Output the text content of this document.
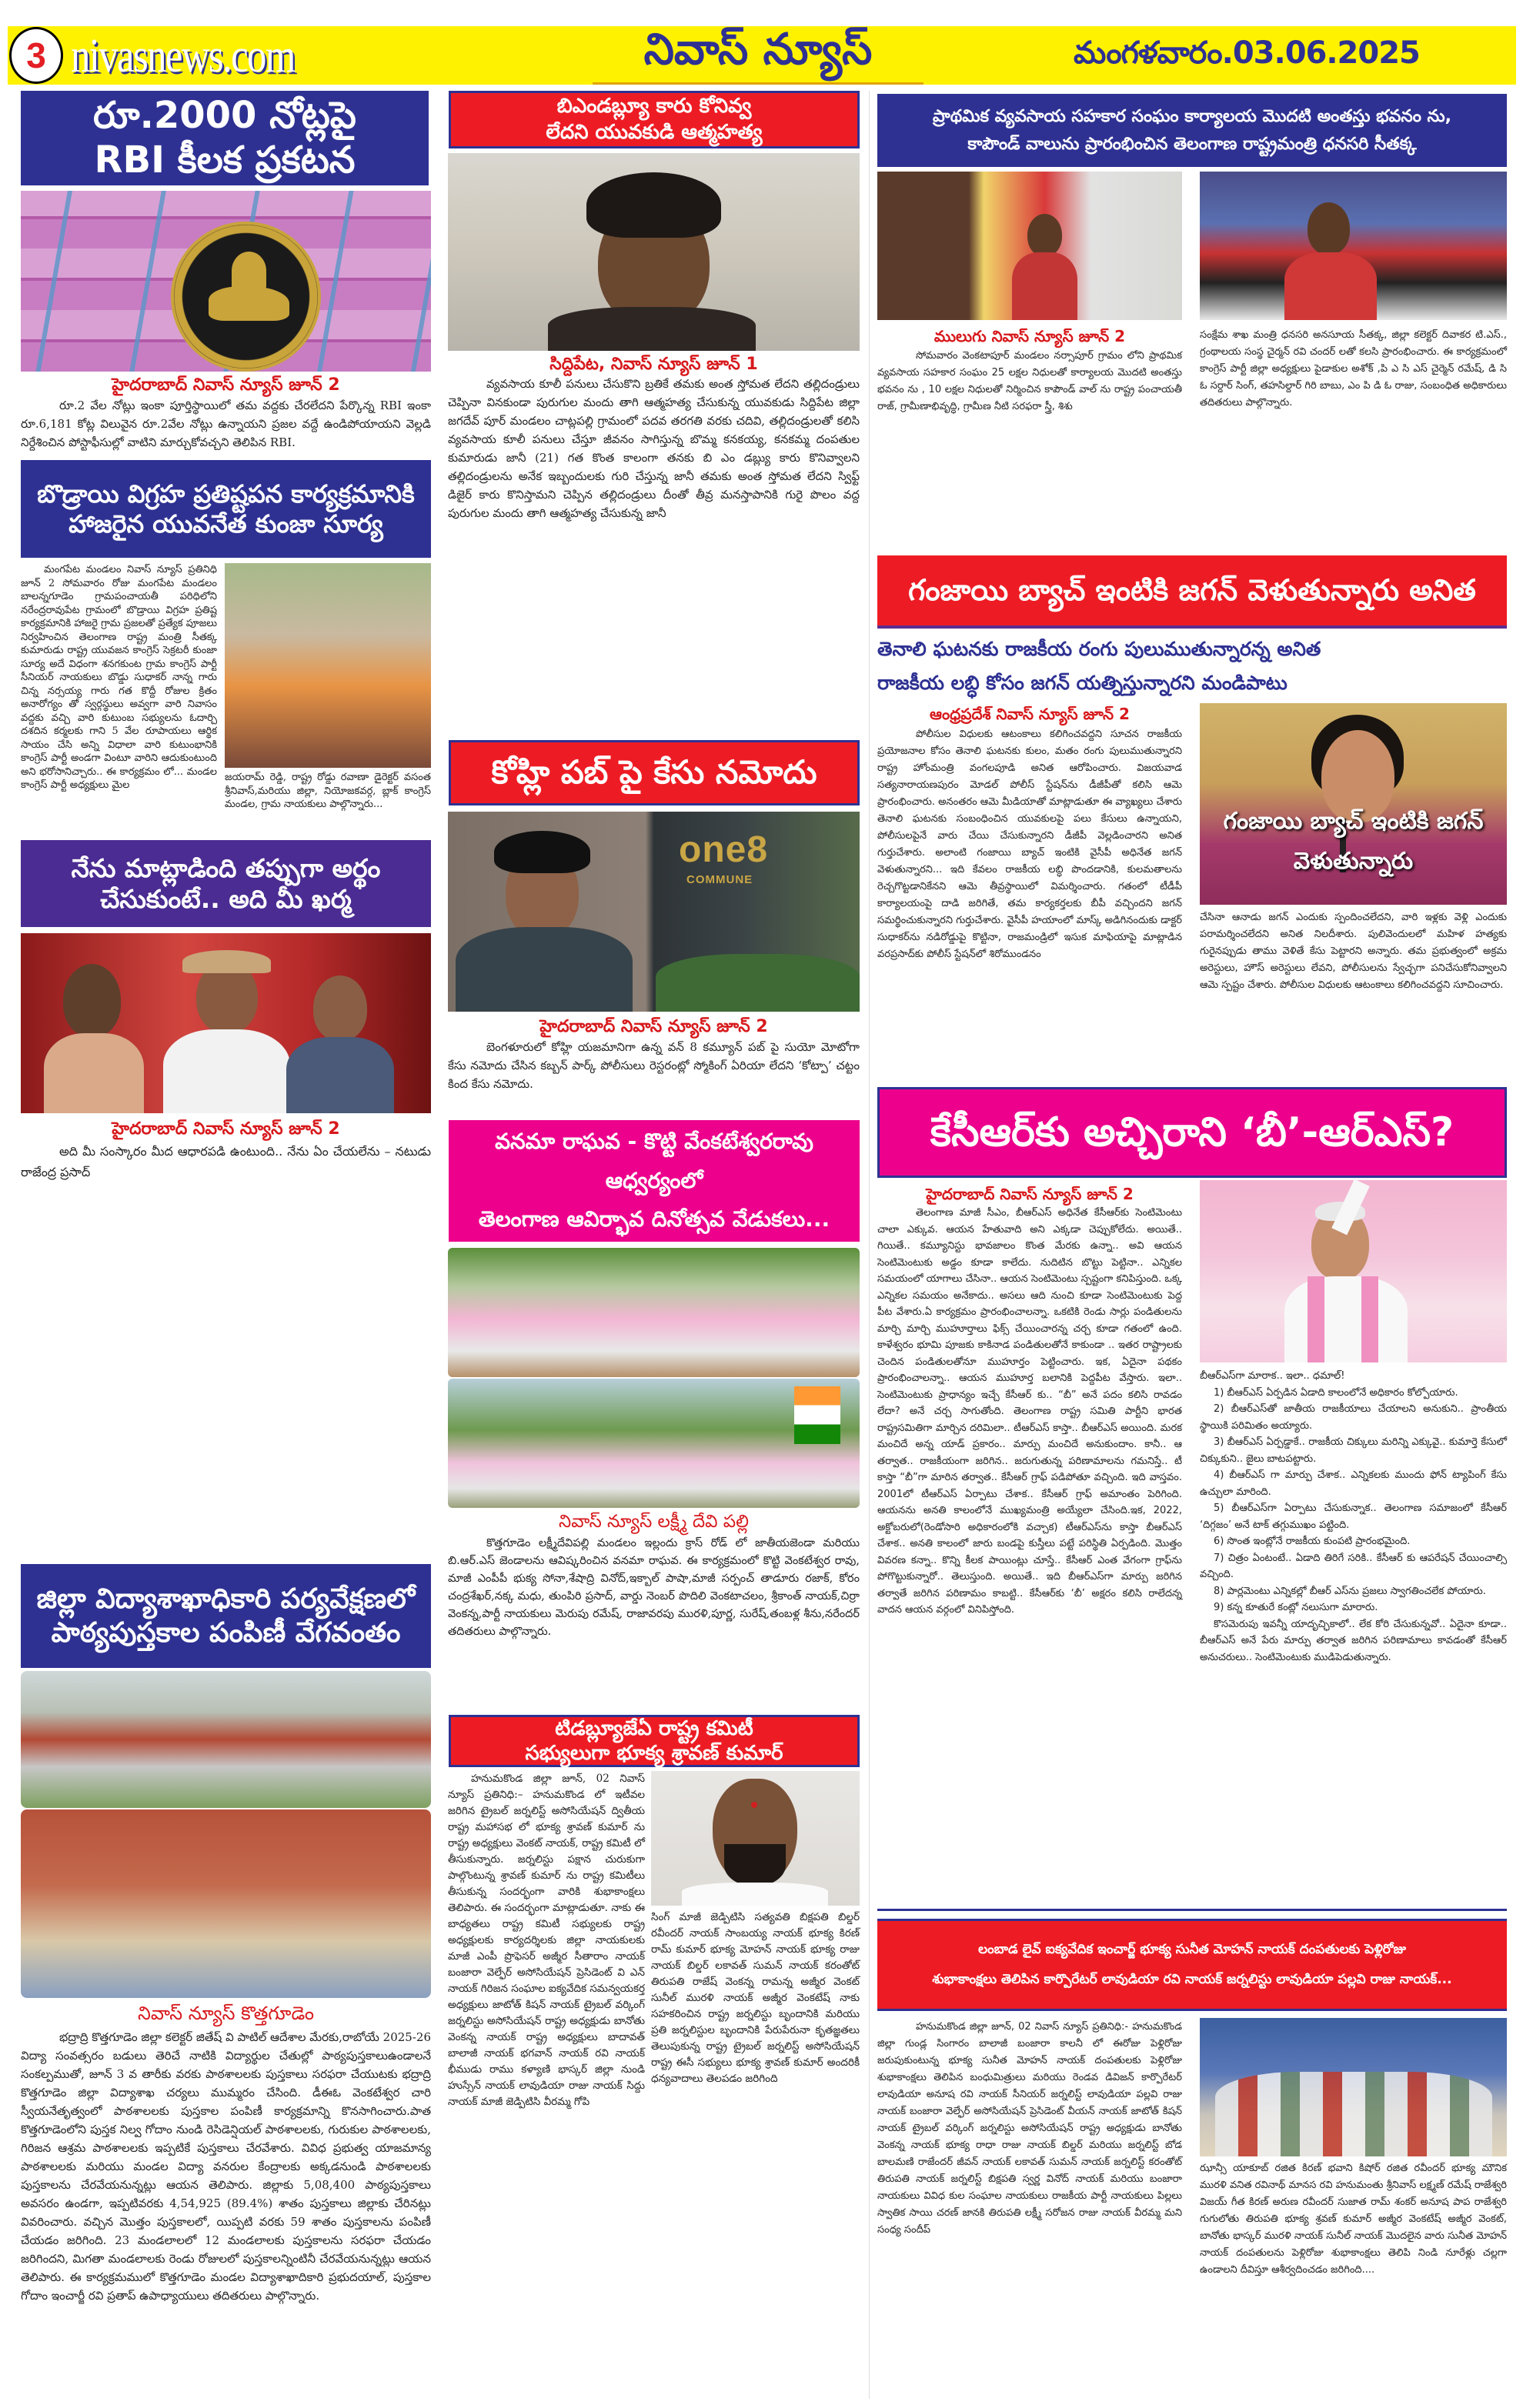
3 nivasnews.com	నివాస్ న్యూస్	మంగళవారం.03.06.2025
రూ.2000 నోట్లపై
RBI కీలక ప్రకటన
హైదరాబాద్ నివాస్ న్యూస్ జూన్ 2
రూ.2 వేల నోట్లు ఇంకా పూర్తిస్థాయిలో తమ వద్దకు చేరలేదని పేర్కొన్న RBI ఇంకా రూ.6,181 కోట్ల విలువైన రూ.2వేల నోట్లు ఉన్నాయని ప్రజల వద్దే ఉండిపోయాయని వెల్లడి నిర్దేశించిన పోస్టాఫీసుల్లో వాటిని మార్చుకోవచ్చని తెలిపిన RBI.
బొడ్రాయి విగ్రహ ప్రతిష్టపన కార్యక్రమానికి
హాజరైన యువనేత కుంజా సూర్య
మంగపేట మండలం నివాస్ న్యూస్ ప్రతినిధి జూన్ 2 సోమవారం రోజు మంగపేట మండలం బాలన్నగూడెం గ్రామపంచాయతీ పరిధిలోని నరేంద్రరావుపేట గ్రామంలో బొడ్రాయి విగ్రహ ప్రతిష్ట కార్యక్రమానికి హాజరై గ్రామ ప్రజలతో ప్రత్యేక పూజలు నిర్వహించిన తెలంగాణ రాష్ట్ర మంత్రి సీతక్క కుమారుడు రాష్ట్ర యువజన కాంగ్రెస్ సెక్రటరీ కుంజా సూర్య అదే విధంగా శనగకుంట గ్రామ కాంగ్రెస్ పార్టీ సీనియర్ నాయకులు బొడ్డు సుధాకర్ నాన్న గారు చిన్న నర్సయ్య గారు గత కొద్దీ రోజుల క్రితం అనారోగ్యం తో స్వర్గస్థులు అవ్వగా వారి నివాసం వద్దకు వచ్చి వారి కుటుంబ సభ్యులను ఓదార్చి దశదిన కర్మలకు గాని 5 వేల రూపాయలు ఆర్థిక సాయం చేసి అన్ని విధాలా వారి కుటుంభానికి కాంగ్రెస్ పార్టీ అండగా వింటూ వారిని ఆదుకుంటుంది అని భరోసానిచ్చారు.. ఈ కార్యక్రమం లో... మండల కాంగ్రెస్ పార్టీ అధ్యక్షులు మైల
జయరామ్ రెడ్డి, రాష్ట్ర రోడ్డు రవాణా డైరెక్టర్ వసంత శ్రీనివాస్,మరియు జిల్లా, నియోజకవర్గ, బ్లాక్ కాంగ్రెస్ మండల, గ్రామ నాయకులు పాల్గొన్నారు...
నేను మాట్లాడింది తప్పుగా అర్థం
చేసుకుంటే.. అది మీ ఖర్మ
హైదరాబాద్ నివాస్ న్యూస్ జూన్ 2
అది మీ సంస్కారం మీద ఆధారపడి ఉంటుంది.. నేను ఏం చేయలేను – నటుడు రాజేంద్ర ప్రసాద్
జిల్లా విద్యాశాఖాధికారి పర్యవేక్షణలో
పాఠ్యపుస్తకాల పంపిణీ వేగవంతం
నివాస్ న్యూస్ కొత్తగూడెం
భద్రాద్రి కొత్తగూడెం జిల్లా కలెక్టర్ జితేష్ వి పాటిల్ ఆదేశాల మేరకు,రాబోయే 2025-26 విద్యా సంవత్సరం బడులు తెరిచే నాటికి విద్యార్థుల చేతుల్లో పాఠ్యపుస్తకాలుఉండాలనే సంకల్పముతో, జూన్ 3 వ తారీకు వరకు పాఠశాలలకు పుస్తకాలు సరఫరా చేయుటకు భద్రాద్రి కొత్తగూడెం జిల్లా విద్యాశాఖ చర్యలు ముమ్మరం చేసింది. డీఈఓ వెంకటేశ్వర చారి స్వీయనేతృత్వంలో పాఠశాలలకు పుస్తకాల పంపిణీ కార్యక్రమాన్ని కొనసాగించారు.పాత కొత్తగూడెంలోని పుస్తక నిల్వ గోదాం నుండి రెసిడెన్షియల్ పాఠశాలలకు, గురుకుల పాఠశాలలకు, గిరిజన ఆశ్రమ పాఠశాలలకు ఇప్పటికే పుస్తకాలు చేరవేశారు. వివిధ ప్రభుత్వ యాజమాన్య పాఠశాలలకు మరియు మండల విద్యా వనరుల కేంద్రాలకు అక్కడనుండి పాఠశాలలకు పుస్తకాలను చేరవేయనున్నట్లు ఆయన తెలిపారు. జిల్లాకు 5,08,400 పాఠ్యపుస్తకాలు అవసరం ఉండగా, ఇప్పటివరకు 4,54,925 (89.4%) శాతం పుస్తకాలు జిల్లాకు చేరినట్లు వివరించారు. వచ్చిన మొత్తం పుస్తకాలలో, యిప్పటి వరకు 59 శాతం పుస్తకాలను పంపిణీ చేయడం జరిగింది. 23 మండలాలలో 12 మండలాలకు పుస్తకాలను సరఫరా చేయడం జరిగిందని, మిగతా మండలాలకు రెండు రోజులలో పుస్తకాలన్నింటినీ చేరవేయనున్నట్లు ఆయన తెలిపారు. ఈ కార్యక్రమములో కొత్తగూడెం మండల విద్యాశాఖాదికారి ప్రభుదయాల్, పుస్తకాల గోదాం ఇంచార్జీ రవి ప్రతాప్ ఉపాధ్యాయులు తదితరులు పాల్గొన్నారు.
బిఎండబ్ల్యూ కారు కోనివ్వ
లేదని యువకుడి ఆత్మహత్య
సిద్దిపేట, నివాస్ న్యూస్ జూన్ 1
వ్యవసాయ కూలీ పనులు చేసుకొని బ్రతికే తమకు అంత స్తోమత లేదని తల్లిదండ్రులు చెప్పినా వినకుండా పురుగుల మందు తాగి ఆత్మహత్య చేసుకున్న యువకుడు సిద్దిపేట జిల్లా జగదేవ్ పూర్ మండలం చాట్లపల్లి గ్రామంలో పదవ తరగతి వరకు చదివి, తల్లిదండ్రులతో కలిసి వ్యవసాయ కూలీ పనులు చేస్తూ జీవనం సాగిస్తున్న బొమ్మ కనకయ్య, కనకమ్మ దంపతుల కుమారుడు జానీ (21) గత కొంత కాలంగా తనకు బి ఎం డబ్ల్యు కారు కొనివ్వాలని తల్లిదండ్రులను అనేక ఇబ్బందులకు గురి చేస్తున్న జానీ తమకు అంత స్తోమత లేదని స్విఫ్ట్ డిజైర్ కారు కొనిస్తామని చెప్పిన తల్లిదండ్రులు దీంతో తీవ్ర మనస్తాపానికి గురై పొలం వద్ద పురుగుల మందు తాగి ఆత్మహత్య చేసుకున్న జానీ
కోహ్లి పబ్ పై కేసు నమోదు
one8
COMMUNE
హైదరాబాద్ నివాస్ న్యూస్ జూన్ 2
బెంగళూరులో కోహ్లి యజమానిగా ఉన్న వన్ 8 కమ్యూన్ పబ్ పై సుయో మోటోగా కేసు నమోదు చేసిన కబ్బన్ పార్క్ పోలీసులు రెస్టరంట్లో స్మోకింగ్ ఏరియా లేదని ‘కోట్పా’ చట్టం కింద కేసు నమోదు.
వనమా రాఘవ - కొట్టి వేంకటేశ్వరరావు ఆధ్వర్యంలో
తెలంగాణ ఆవిర్భావ దినోత్సవ వేడుకలు...
నివాస్ న్యూస్ లక్ష్మీ దేవి పల్లి
కొత్తగూడెం లక్ష్మీదేవిపల్లి మండలం ఇల్లందు క్రాస్ రోడ్ లో జాతీయజెండా మరియు బి.ఆర్.ఎస్ జెండాలను ఆవిష్కరించిన వనమా రాఘవ. ఈ కార్యక్రమంలో కొట్టి వెంకటేశ్వర రావు, మాజీ ఎంపీపీ భుక్య సోనా,శేషాద్రి వినోద్,ఇక్బాల్ పాషా,మాజీ సర్పంచ్ తాడూరు రజాక్, కోరం చంద్రశేఖర్,నక్క మధు, తుంపిరి ప్రసాద్, వార్డు నెంబర్ పొదిలి వెంకటాచలం, శ్రీకాంత్ నాయక్,చిర్రా వెంకన్న,పార్టీ నాయకులు మెరుపు రమేష్, రాజావరపు మురళి,పూర్ణ, సురేష్,తంబళ్ల శీను,నరేందర్ తదితరులు పాల్గొన్నారు.
టిడబ్ల్యూజేఏ రాష్ట్ర కమిటీ
సభ్యులుగా భూక్య శ్రావణ్ కుమార్
హనుమకొండ జిల్లా జూన్, 02 నివాస్ న్యూస్ ప్రతినిధి:– హనుమకొండ లో ఇటీవల జరిగిన ట్రైబల్ జర్నలిస్ట్ అసోసియేషన్ ద్వితీయ రాష్ట్ర మహాసభ లో భూక్య శ్రావణ్ కుమార్ ను రాష్ట్ర అధ్యక్షులు వెంకట్ నాయక్, రాష్ట్ర కమిటీ లో తీసుకున్నారు. జర్నలిస్టు పక్షాన చురుకుగా పాల్గొంటున్న శ్రావణ్ కుమార్ ను రాష్ట్ర కమిటీలు తీసుకున్న సందర్భంగా వారికి శుభాకాంక్షలు తెలిపారు. ఈ సందర్భంగా మాట్లాడుతూ. నాకు ఈ బాధ్యతలు రాష్ట్ర కమిటీ సభ్యులకు రాష్ట్ర అధ్యక్షులకు కార్యదర్శిలకు జిల్లా నాయకులకు మాజీ ఎంపీ ప్రొఫెసర్ అజ్మీర సీతారాం నాయక్ బంజారా వెల్ఫేర్ అసోసియేషన్ ప్రెసిడెంట్ వి ఎన్ నాయక్ గిరిజన సంఘాల ఐక్యవేదిక సమన్వయకర్త అధ్యక్షులు జాటోత్ కిషన్ నాయక్ ట్రైబల్ వర్కింగ్ జర్నలిస్టు అసోసియేషన్ రాష్ట్ర అధ్యక్షుడు బానోతు వెంకన్న నాయక్ రాష్ట్ర అధ్యక్షులు బాదావత్ బాలాజీ నాయక్ భగవాన్ నాయక్ రవి నాయక్ భీముడు రాము కళ్యాణి భాస్కర్ జిల్లా నుండి హుస్సేన్ నాయక్ లావుడియా రాజు నాయక్ సిద్దు నాయక్ మాజీ జెడ్పిటిసి వీరమ్మ గోపి
సింగ్ మాజీ జెడ్పిటిసి సత్యవతి బిక్షపతి బిల్డర్ రవీందర్ నాయక్ సాంబయ్య నాయక్ భూక్య కిరణ్ రామ్ కుమార్ భూక్య మోహన్ నాయక్ భూక్య రాజు నాయక్ బిల్డర్ లకావత్ సుమన్ నాయక్ కరంతోట్ తిరుపతి రాజేష్ వెంకన్న రామన్న అజ్మీర వెంకట్ సునీల్ మురళి నాయక్ అజ్మీర వెంకటేష్ నాకు సహకరించిన రాష్ట్ర జర్నలిస్టు బృందానికి మరియు ప్రతి జర్నలిస్టుల బృందానికి పేరుపేరునా కృతజ్ఞతలు తెలుపుకున్న రాష్ట్ర ట్రైబల్ జర్నలిస్ట్ అసోసియేషన్ రాష్ట్ర ఈసీ సభ్యులు భూక్య శ్రావణ్ కుమార్ అందరికీ ధన్యవాదాలు తెలపడం జరిగింది
ప్రాథమిక వ్యవసాయ సహకార సంఘం కార్యాలయ మొదటి అంతస్తు భవనం ను,
కాపౌండ్ వాలును ప్రారంభించిన తెలంగాణ రాష్ట్రమంత్రి ధనసరి సీతక్క
ములుగు నివాస్ న్యూస్ జూన్ 2
సోమవారం వెంకటాపూర్ మండలం నర్సాపూర్ గ్రామం లోని ప్రాథమిక వ్యవసాయ సహకార సంఘం 25 లక్షల నిధులతో కార్యాలయ మొదటి అంతస్తు భవనం ను , 10 లక్షల నిధులతో నిర్మించిన కాపౌండ్ వాల్ ను రాష్ట్ర పంచాయతీ రాజ్, గ్రామీణాభివృద్ధి, గ్రామీణ నీటి సరఫరా స్త్రీ, శిశు
సంక్షేమ శాఖ మంత్రి ధనసరి అనసూయ సీతక్క, జిల్లా కలెక్టర్ దివాకర టి.ఎస్., గ్రంథాలయ సంస్థ చైర్మన్ రవి చందర్ లతో కలసి ప్రారంభించారు. ఈ కార్యక్రమంలో కాంగ్రెస్ పార్టీ జిల్లా అధ్యక్షులు పైడాకుల అశోక్ ,పి ఎ సి ఎస్ చైర్మెన్ రమేష్, డి సి ఓ సర్దార్ సింగ్, తహసిల్దార్ గిరి బాబు, ఎం పి డి ఓ రాజు, సంబంధిత అధికారులు తదితరులు పాల్గొన్నారు.
గంజాయి బ్యాచ్ ఇంటికి జగన్ వెళుతున్నారు అనిత
తెనాలి ఘటనకు రాజకీయ రంగు పులుముతున్నారన్న అనిత
రాజకీయ లబ్ధి కోసం జగన్ యత్నిస్తున్నారని మండిపాటు
ఆంధ్రప్రదేశ్ నివాస్ న్యూస్ జూన్ 2
పోలీసుల విధులకు ఆటంకాలు కలిగించవద్దని సూచన రాజకీయ ప్రయోజనాల కోసం తెనాలి ఘటనకు కులం, మతం రంగు పులుముతున్నారని రాష్ట్ర హోంమంత్రి వంగలపూడి అనిత ఆరోపించారు. విజయవాడ సత్యనారాయణపురం మోడల్ పోలీస్ స్టేషన్‌ను డీజీపీతో కలిసి ఆమె ప్రారంభించారు. అనంతరం ఆమె మీడియాతో మాట్లాడుతూ ఈ వ్యాఖ్యలు చేశారు తెనాలి ఘటనకు సంబంధించిన యువకులపై పలు కేసులు ఉన్నాయని, పోలీసులపైనే వారు చేయి చేసుకున్నారని డీజీపీ వెల్లడించారని అనిత గుర్తుచేశారు. అలాంటి గంజాయి బ్యాచ్ ఇంటికి వైసీపీ అధినేత జగన్ వెళుతున్నారని... ఇది కేవలం రాజకీయ లబ్ధి పొందడానికి, కులమతాలను రెచ్చగొట్టడానికేనని ఆమె తీవ్రస్థాయిలో విమర్శించారు. గతంలో టీడీపీ కార్యాలయంపై దాడి జరిగితే, తమ కార్యకర్తలకు బీపీ వచ్చిందని జగన్ సమర్థించుకున్నారని గుర్తుచేశారు. వైసీపీ హయాంలో మాస్క్ అడిగినందుకు డాక్టర్ సుధాకర్‌ను నడిరోడ్డుపై కొట్టినా, రాజమండ్రిలో ఇసుక మాఫియాపై మాట్లాడిన వరప్రసాద్‌కు పోలీస్ స్టేషన్‌లో శిరోముండనం
గంజాయి బ్యాచ్ ఇంటికి జగన్
వెళుతున్నారు
చేసినా ఆనాడు జగన్ ఎందుకు స్పందించలేదని, వారి ఇళ్లకు వెళ్లి ఎందుకు పరామర్శించలేదని అనిత నిలదీశారు. పులివెందులలో మహిళ హత్యకు గురైనప్పుడు తాము వెళితే కేసు పెట్టారని అన్నారు. తమ ప్రభుత్వంలో అక్రమ అరెస్టులు, హౌస్ అరెస్టులు లేవని, పోలీసులను స్వేచ్ఛగా పనిచేసుకోనివ్వాలని ఆమె స్పష్టం చేశారు. పోలీసుల విధులకు ఆటంకాలు కలిగించవద్దని సూచించారు.
కేసీఆర్‌కు అచ్చిరాని ‘బీ’-ఆర్ఎస్?
హైదరాబాద్ నివాస్ న్యూస్ జూన్ 2
తెలంగాణ మాజీ సీఎం, బీఆర్ఎస్ అధినేత కేసీఆర్‌కు సెంటిమెంటు చాలా ఎక్కువ. ఆయన హేతువాది అని ఎక్కడా చెప్పుకోలేదు. అయితే.. గియితే.. కమ్యూనిస్టు భావజాలం కొంత మేరకు ఉన్నా.. అవి ఆయన సెంటిమెంటుకు అడ్డం కూడా కాలేదు. నుదిటిన బొట్టు పెట్టినా.. ఎన్నికల సమయంలో యాగాలు చేసినా.. ఆయన సెంటిమెంటు స్పష్టంగా కనిపిస్తుంది. ఒక్క ఎన్నికల సమయం అనేకాదు.. అసలు ఆది నుంచి కూడా సెంటిమెంటుకు పెద్ద పీట వేశారు.ఏ కార్యక్రమం ప్రారంభించాలన్నా. ఒకటికి రెండు సార్లు పండితులను మార్చి మార్చి ముహూర్తాలు ఫిక్స్ చేయించారన్న చర్చ కూడా గతంలో ఉంది. కాళేశ్వరం భూమి పూజకు కాకినాడ పండితులతోనే కాకుండా .. ఇతర రాష్ట్రాలకు చెందిన పండితులతోనూ ముహూర్తం పెట్టించారు. ఇక, ఏదైనా పథకం ప్రారంభించాలన్నా.. ఆయన ముహూర్త బలానికి పెద్దపీట వేస్తారు. ఇలా.. సెంటిమెంటుకు ప్రాధాన్యం ఇచ్చే కేసీఆర్ కు.. “బీ” అనే పదం కలిసి రావడం లేదా? అనే చర్చ సాగుతోంది. తెలంగాణ రాష్ట్ర సమితి పార్టీని భారత రాష్ట్రసమితిగా మార్చిన దరిమిలా.. టీఆర్ఎస్ కాస్తా.. బీఆర్ఎస్ అయింది. మరక మంచిదే అన్న యాడ్ ప్రకారం.. మార్పు మంచిదే అనుకుందాం. కానీ.. ఆ తర్వాత.. రాజకీయంగా జరిగిన.. జరుగుతున్న పరిణామాలను గమనిస్తే.. టీ కాస్తా “బీ”గా మారిన తర్వాత.. కేసీఆర్ గ్రాఫ్ పడిపోతూ వచ్చింది. ఇది వాస్తవం. 2001లో టీఆర్ఎస్ ఏర్పాటు చేశాక.. కేసీఆర్ గ్రాఫ్ అమాంతం పెరిగింది. ఆయనను అనతి కాలంలోనే ముఖ్యమంత్రి అయ్యేలా చేసింది.ఇక, 2022, అక్టోబరులో(రెండోసారి అధికారంలోకి వచ్చాక) టీఆర్ఎస్‌ను కాస్తా బీఆర్ఎస్ చేశాక.. అనతి కాలంలో జారు బండపై కుస్తీలు పట్టే పరిస్థితి ఏర్పడింది. మొత్తం వివరణ కన్నా.. కొన్ని కీలక పాయింట్లు చూస్తే.. కేసీఆర్ ఎంత వేగంగా గ్రాఫ్‌ను పోగొట్టుకున్నారో.. తెలుస్తుంది. అయితే.. ఇది బీఆర్ఎస్‌గా మార్పు జరిగిన తర్వాతే జరిగిన పరిణామం కాబట్టి.. కేసీఆర్‌కు ‘బీ’ అక్షరం కలిసి రాలేదన్న వాదన ఆయన వర్గంలో వినిపిస్తోంది.
బీఆర్ఎస్‌గా మారాక.. ఇలా.. ధమాల్!
1) బీఆర్ఎస్ ఏర్పడిన ఏడాది కాలంలోనే అధికారం కోల్పోయారు.
2) బీఆర్ఎస్‌తో జాతీయ రాజకీయాలు చేయాలని అనుకుని.. ప్రాంతీయ స్థాయికి పరిమితం అయ్యారు.
3) బీఆర్ఎస్ ఏర్పడ్డాకే.. రాజకీయ చిక్కులు మరిన్ని ఎక్కువై.. కుమార్తె కేసులో చిక్కుకుని.. జైలు బాటపట్టారు.
4) బీఆర్ఎస్ గా మార్పు చేశాక.. ఎన్నికలకు ముందు ఫోన్ ట్యాపింగ్ కేసు ఉచ్చులా మారింది.
5) బీఆర్ఎస్‌గా ఏర్పాటు చేసుకున్నాక.. తెలంగాణ సమాజంలో కేసీఆర్ ‘దిగ్గజం’ అనే టాక్ తగ్గుముఖం పట్టింది.
6) సొంత ఇంట్లోనే రాజకీయ కుంపటి ప్రారంభమైంది.
7) చిత్రం ఏంటంటే.. ఏడాది తిరిగే సరికి.. కేసీఆర్ కు ఆపరేషన్ చేయించాల్సి వచ్చింది.
8) పార్లమెంటు ఎన్నికల్లో బీఆర్ ఎస్‌ను ప్రజలు స్వాగతించలేక పోయారు.
9) కన్న కూతురే కంట్లో నలుసుగా మారారు.
కొసమెరుపు ఇవన్నీ యాదృచ్ఛికాలో.. లేక కోరి చేసుకున్నవో.. ఏదైనా కూడా.. బీఆర్ఎస్ అనే పేరు మార్పు తర్వాత జరిగిన పరిణామాలు కావడంతో కేసీఆర్ అనుచరులు.. సెంటిమెంటుకు ముడిపెడుతున్నారు.
లంబాడ లైవ్ ఐక్యవేదిక ఇంచార్జ్ భూక్య సునీత మోహన్ నాయక్ దంపతులకు పెళ్లిరోజు
శుభాకాంక్షలు తెలిపిన కార్పొరేటర్ లావుడియా రవి నాయక్ జర్నలిస్టు లావుడియా పల్లవి రాజు నాయక్...
హనుమకొండ జిల్లా జూన్, 02 నివాస్ న్యూస్ ప్రతినిధి:- హనుమకొండ జిల్లా గుండ్ల సింగారం బాలాజీ బంజారా కాలనీ లో ఈరోజు పెళ్లిరోజు జరుపుకుంటున్న భూక్య సునీత మోహన్ నాయక్ దంపతులకు పెళ్లిరోజు శుభాకాంక్షలు తెలిపిన బంధుమిత్రులు మరియు రెండవ డివిజన్ కార్పొరేటర్ లావుడియా అనూష రవి నాయక్ సీనియర్ జర్నలిస్ట్ లావుడియా పల్లవి రాజు నాయక్ బంజారా వెల్ఫేర్ అసోసియేషన్ ప్రెసిడెంట్ వీయన్ నాయక్ జాటోత్ కిషన్ నాయక్ ట్రైబల్ వర్కింగ్ జర్నలిస్టు అసోసియేషన్ రాష్ట్ర అధ్యక్షుడు బానోతు వెంకన్న నాయక్ భూక్య రాధా రాజు నాయక్ బిల్డర్ మరియు జర్నలిస్ట్ బోడ బాలమణి రాజేందర్ జీవన్ నాయక్ లకావత్ సుమన్ నాయక్ జర్నలిస్ట్ కరంతోట్ తిరుపతి నాయక్ జర్నలిస్ట్ బిక్షపతి స్వర్ణ వినోద్ నాయక్ మరియు బంజారా నాయకులు వివిధ కుల సంఘాల నాయకులు రాజకీయ పార్టీ నాయకులు పిల్లలు స్వాతిక సాయి చరణ్ జానకి తిరుపతి లక్ష్మీ సరోజన రాజు నాయక్ వీరమ్మ మని సంధ్య సందీప్
ఝాన్సీ యాకూబ్ రజిత కిరణ్ భవాని కిషోర్ రజిత రవీందర్ భూక్య మౌనిక మురళి వనిత రవినాథ్ మానస రవి హనుమంతు శ్రీనివాస్ లక్ష్మణ్ రమేష్ రాజేశ్వరి విజయ్ గీత కిరణ్ అరుణ రవీందర్ సుజాత రామ్ శంకర్ అనూష పాప రాజేశ్వరి గుగులోతు తిరుపతి భూక్య శ్రవణ్ కుమార్ అజ్మీర వెంకటేష్ అజ్మీర వెంకట్, బానోతు భాస్కర్ మురళి నాయక్ సునీల్ నాయక్ మొదలైన వారు సునీత మోహన్ నాయక్ దంపతులను పెళ్లిరోజు శుభాకాంక్షలు తెలిపి నిండి నూరేళ్లు చల్లగా ఉండాలని దీవిస్తూ ఆశీర్వదించడం జరిగింది....
